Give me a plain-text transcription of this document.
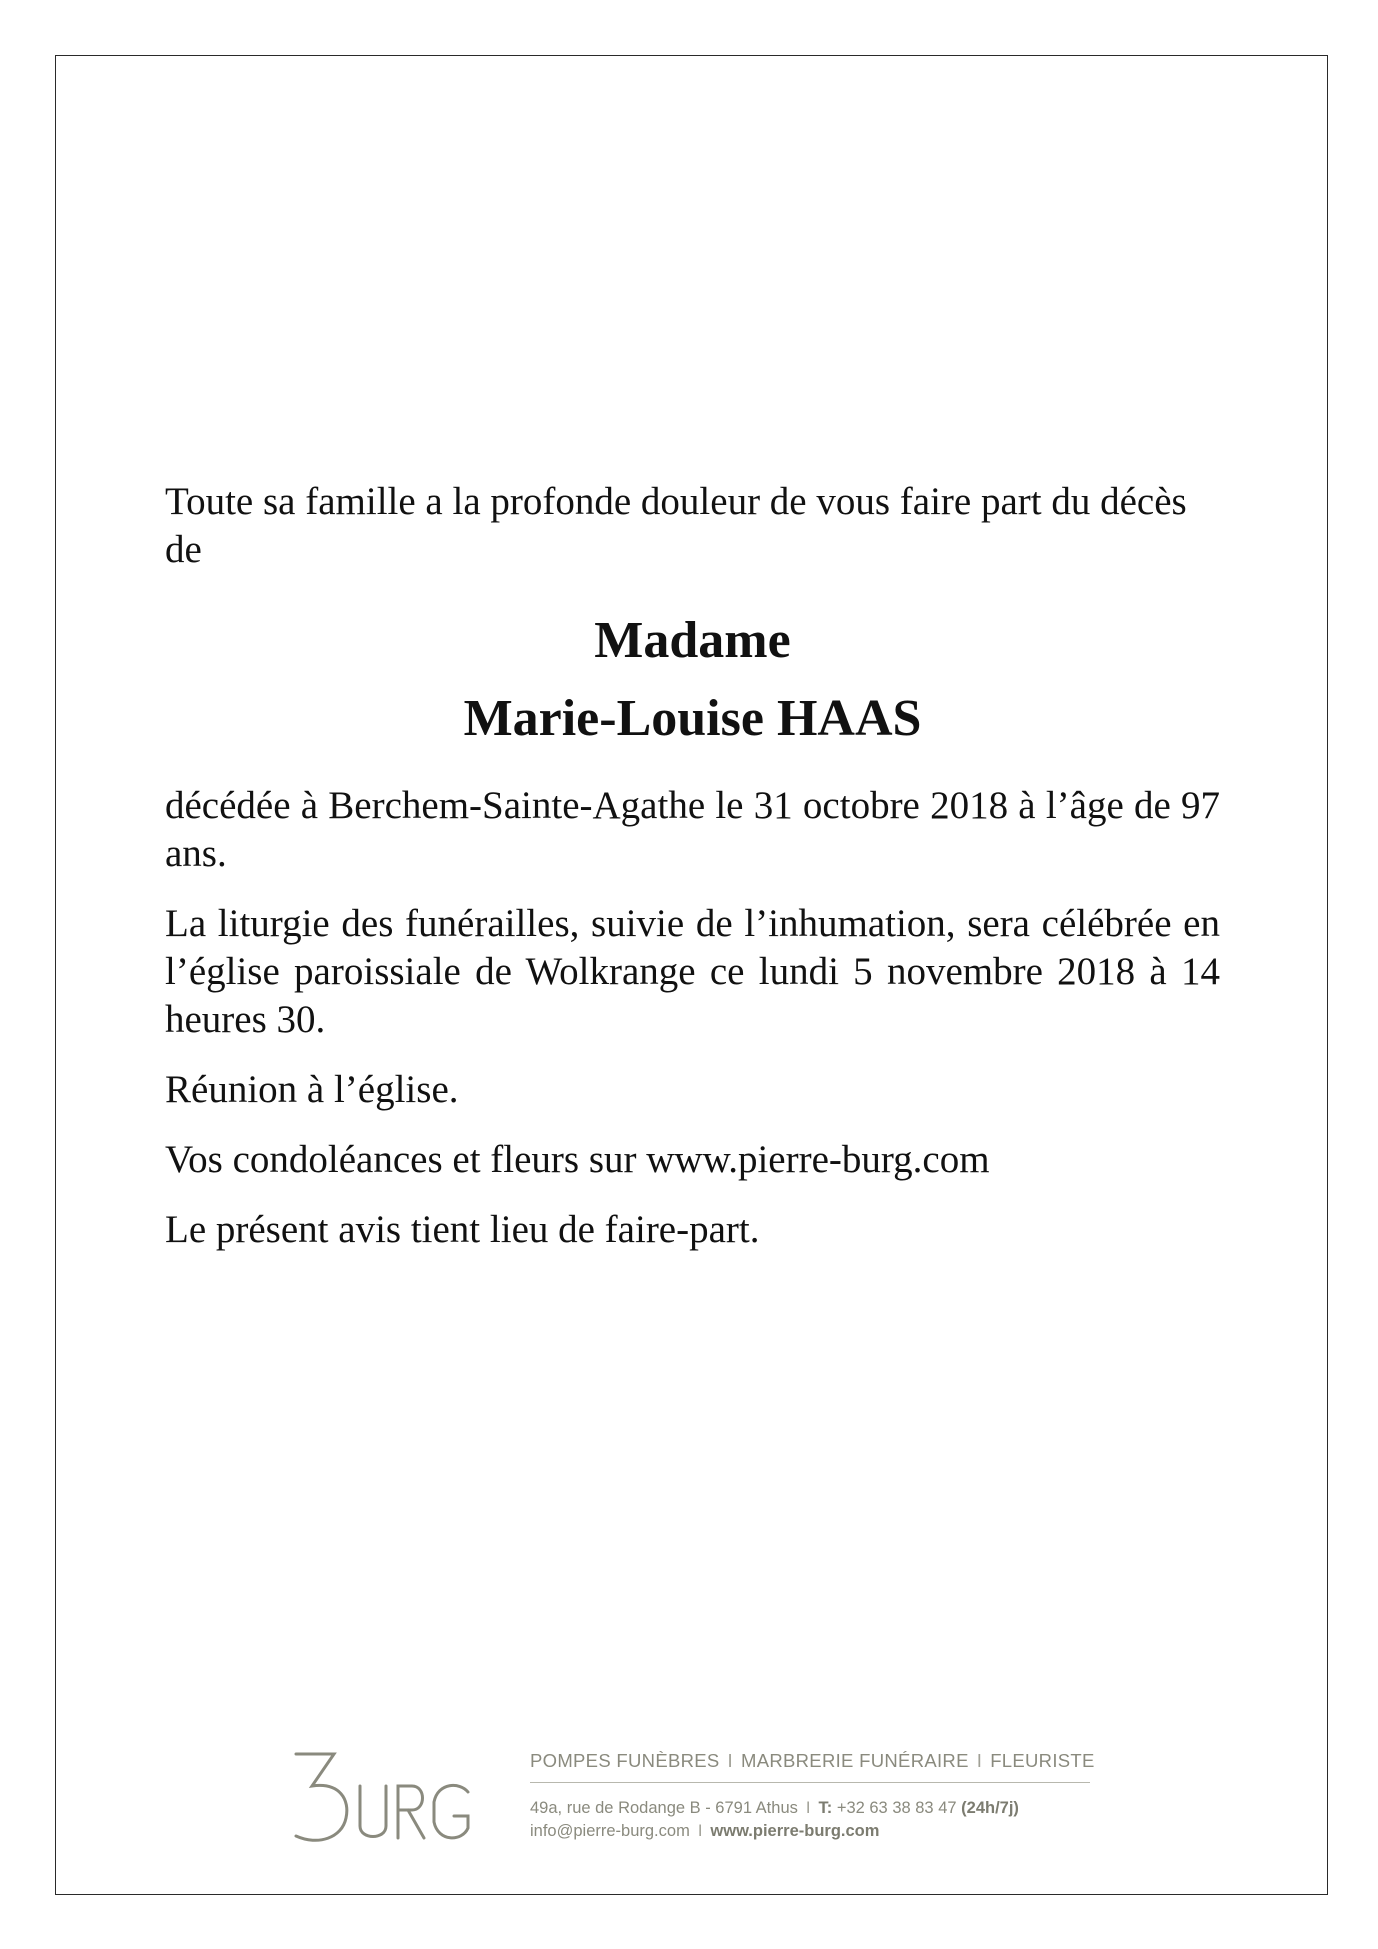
Toute sa famille a la profonde douleur de vous faire part du décès de

Madame
Marie-Louise HAAS

décédée à Berchem-Sainte-Agathe le 31 octobre 2018 à l’âge de 97 ans.

La liturgie des funérailles, suivie de l’inhumation, sera célébrée en l’église paroissiale de Wolkrange ce lundi 5 novembre 2018 à 14 heures 30.

Réunion à l’église.

Vos condoléances et fleurs sur www.pierre-burg.com

Le présent avis tient lieu de faire-part.

BURG
POMPES FUNÈBRES I MARBRERIE FUNÉRAIRE I FLEURISTE
49a, rue de Rodange B - 6791 Athus I T: +32 63 38 83 47 (24h/7j)
info@pierre-burg.com I www.pierre-burg.com
